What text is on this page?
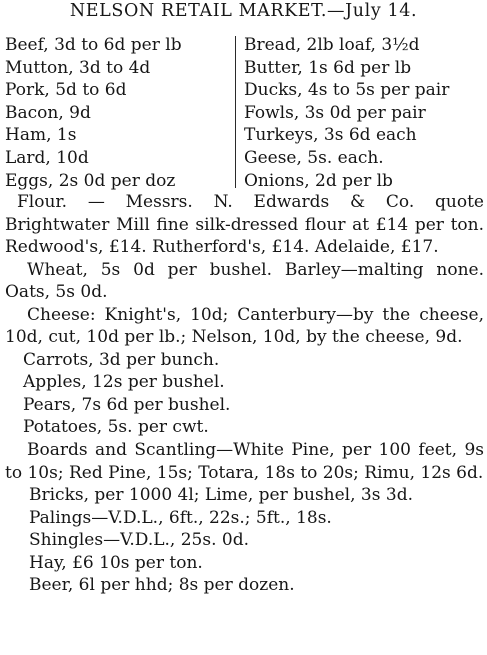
NELSON RETAIL MARKET.—July 14.
Beef, 3d to 6d per lb
Mutton, 3d to 4d
Pork, 5d to 6d
Bacon, 9d
Ham, 1s
Lard, 10d
Eggs, 2s 0d per doz
Bread, 2lb loaf, 3½d
Butter, 1s 6d per lb
Ducks, 4s to 5s per pair
Fowls, 3s 0d per pair
Turkeys, 3s 6d each
Geese, 5s. each.
Onions, 2d per lb

Flour. — Messrs. N. Edwards & Co. quote Brightwater Mill fine silk-dressed flour at £14 per ton. Redwood's, £14. Rutherford's, £14. Adelaide, £17.

Wheat, 5s 0d per bushel. Barley—malting none. Oats, 5s 0d.

Cheese: Knight's, 10d; Canterbury—by the cheese, 10d, cut, 10d per lb.; Nelson, 10d, by the cheese, 9d.

Carrots, 3d per bunch.

Apples, 12s per bushel.

Pears, 7s 6d per bushel.

Potatoes, 5s. per cwt.

Boards and Scantling—White Pine, per 100 feet, 9s to 10s; Red Pine, 15s; Totara, 18s to 20s; Rimu, 12s 6d.

Bricks, per 1000 4l; Lime, per bushel, 3s 3d.

Palings—V.D.L., 6ft., 22s.; 5ft., 18s.

Shingles—V.D.L., 25s. 0d.

Hay, £6 10s per ton.

Beer, 6l per hhd; 8s per dozen.
